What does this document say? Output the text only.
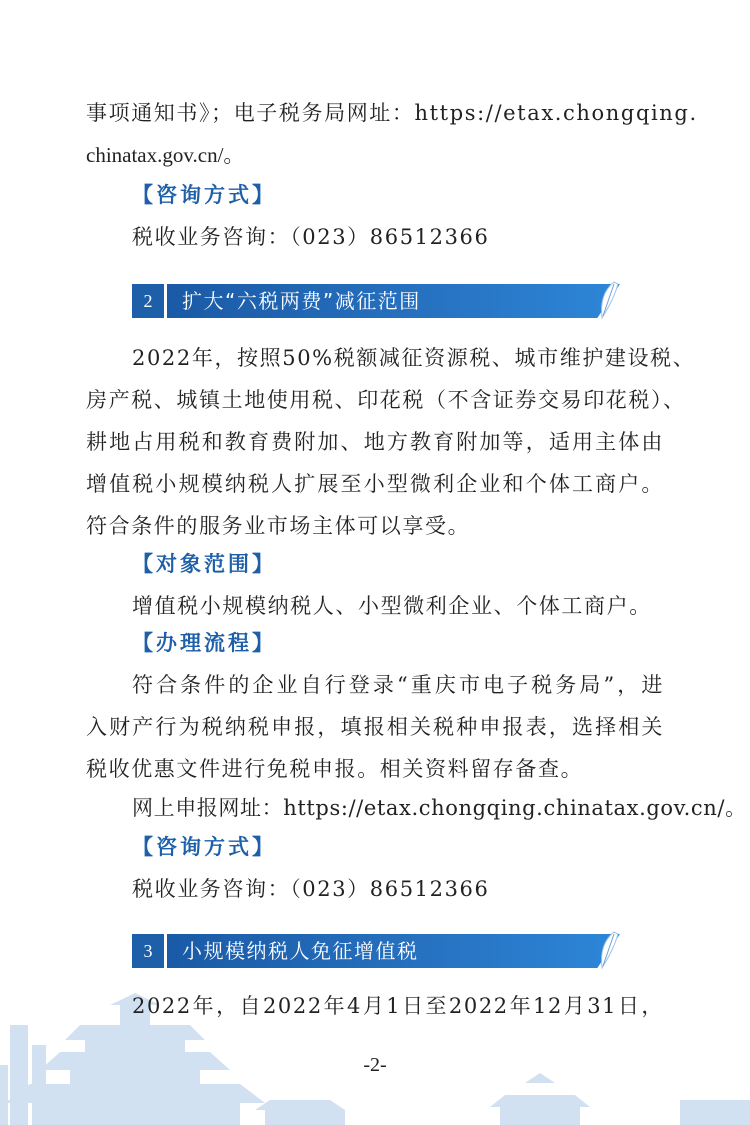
事项通知书》；电子税务局网址：https://etax.chongqing.
chinatax.gov.cn/。
【咨询方式】
税收业务咨询：（023）86512366
2	扩大“六税两费”减征范围
2022年，按照50%税额减征资源税、城市维护建设税、
房产税、城镇土地使用税、印花税（不含证券交易印花税）、
耕地占用税和教育费附加、地方教育附加等，适用主体由
增值税小规模纳税人扩展至小型微利企业和个体工商户。
符合条件的服务业市场主体可以享受。
【对象范围】
增值税小规模纳税人、小型微利企业、个体工商户。
【办理流程】
符合条件的企业自行登录“重庆市电子税务局”，进
入财产行为税纳税申报，填报相关税种申报表，选择相关
税收优惠文件进行免税申报。相关资料留存备查。
网上申报网址：https://etax.chongqing.chinatax.gov.cn/。
【咨询方式】
税收业务咨询：（023）86512366
3	小规模纳税人免征增值税
2022年，自2022年4月1日至2022年12月31日，
-2-
